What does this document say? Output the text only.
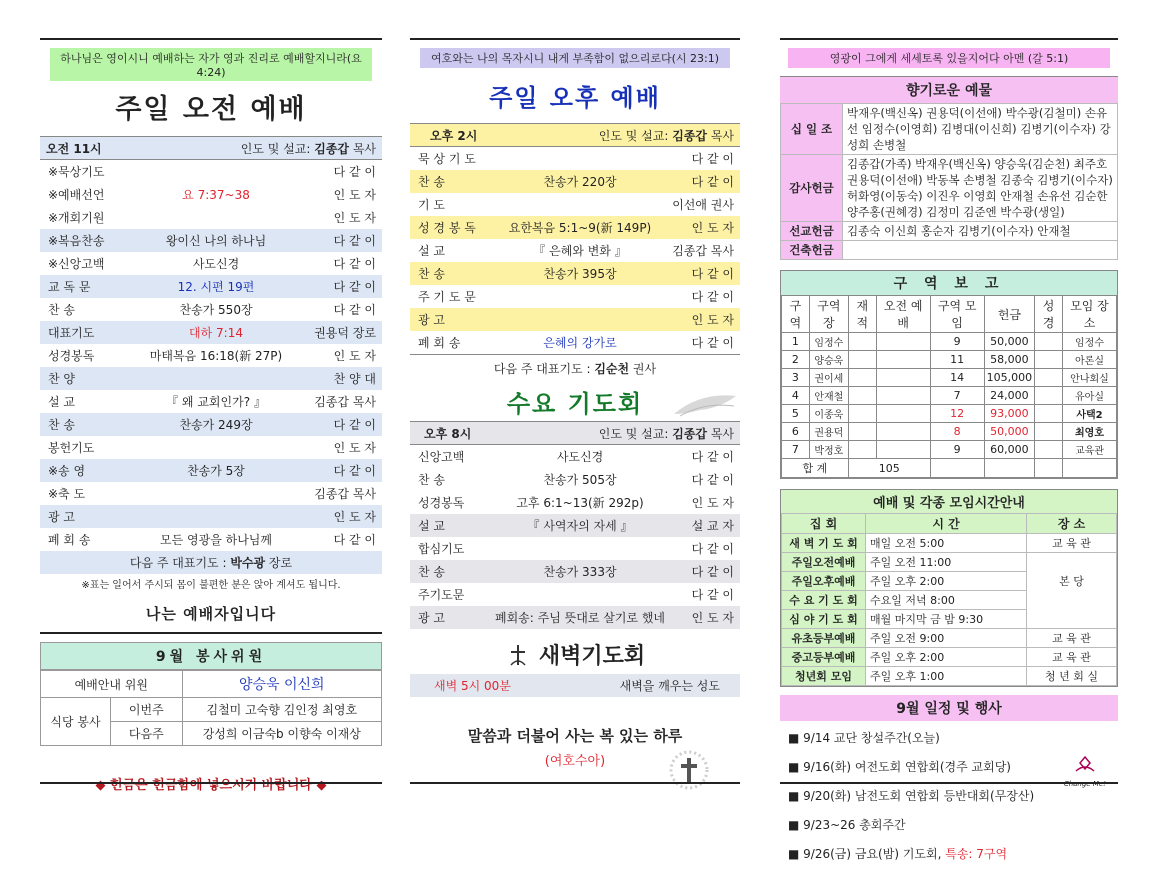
하나님은 영이시니 예배하는 자가 영과 진리로 예배할지니라(요4:24)
주일 오전 예배
오전 11시	인도 및 설교: 김종갑 목사
※묵상기도	다 같 이
※예배선언	요 7:37~38	인 도 자
※개회기원	인 도 자
※복음찬송	왕이신 나의 하나님	다 같 이
※신앙고백	사도신경	다 같 이
교 독 문	12. 시편 19편	다 같 이
찬 송	찬송가 550장	다 같 이
대표기도	대하 7:14	권용덕 장로
성경봉독	마태복음 16:18(新 27P)	인 도 자
찬 양	찬 양 대
설 교	『 왜 교회인가? 』	김종갑 목사
찬 송	찬송가 249장	다 같 이
봉헌기도	인 도 자
※송 영	찬송가 5장	다 같 이
※축 도	김종갑 목사
광 고	인 도 자
폐 회 송	모든 영광을 하나님께	다 같 이
다음 주 대표기도 : 박수광 장로
※표는 일어서 주시되 몸이 불편한 분은 앉아 계셔도 됩니다.
나는 예배자입니다
9월 봉사위원
예배안내 위원		양승욱 이신희
식당 봉사	이번주	김철미 고숙향 김인정 최영호
	다음주	강성희 이금숙b 이향숙 이재상
◆ 헌금은 헌금함에 넣으시기 바랍니다 ◆
여호와는 나의 목자시니 내게 부족함이 없으리로다(시 23:1)
주일 오후 예배
오후 2시	인도 및 설교: 김종갑 목사
묵 상 기 도	다 같 이
찬 송	찬송가 220장	다 같 이
기 도	이선애 권사
성 경 봉 독	요한복음 5:1~9(新 149P)	인 도 자
설 교	『 은혜와 변화 』	김종갑 목사
찬 송	찬송가 395장	다 같 이
주 기 도 문	다 같 이
광 고	인 도 자
폐 회 송	은혜의 강가로	다 같 이
다음 주 대표기도 : 김순천 권사
수요 기도회
오후 8시	인도 및 설교: 김종갑 목사
신앙고백	사도신경	다 같 이
찬 송	찬송가 505장	다 같 이
성경봉독	고후 6:1~13(新 292p)	인 도 자
설 교	『 사역자의 자세 』	설 교 자
합심기도	다 같 이
찬 송	찬송가 333장	다 같 이
주기도문	다 같 이
광 고	폐회송: 주님 뜻대로 살기로 했네	인 도 자
새벽기도회
새벽 5시 00분	새벽을 깨우는 성도
말씀과 더불어 사는 복 있는 하루
(여호수아)
영광이 그에게 세세토록 있을지어다 아멘 (갈 5:1)
향기로운 예물
십 일 조	박재우(백신옥) 권용덕(이선애) 박수광(김철미) 손유선 임정수(이영희) 김병대(이신희) 김병기(이수자) 강성희 손병철
감사헌금	김종갑(가족) 박재우(백신옥) 양승욱(김순천) 최주호 권용덕(이선애) 박동복 손병철 김종숙 김병기(이수자) 허화영(이동숙) 이진우 이영희 안재철 손유선 김순한 양주홍(권혜경) 김정미 김준엔 박수광(생일)
선교헌금	김종숙 이신희 홍순자 김병기(이수자) 안재철
건축헌금	
구 역 보 고
구역	구역장	재적	오전 예배	구역 모임	헌금	성경	모임 장소
1	임정수			9	50,000		임정수
2	양승욱			11	58,000		아론실
3	권이세			14	105,000		안나회실
4	안재철			7	24,000		유아실
5	이종욱			12	93,000		사택2
6	권용덕			8	50,000		최영호
7	박정호			9	60,000		교육관
합 계		105					
예배 및 각종 모임시간안내
집 회	시 간	장 소
새 벽 기 도 회	매일 오전 5:00	교 육 관
주일오전예배	주일 오전 11:00	
주일오후예배	주일 오후 2:00	본 당
수 요 기 도 회	수요일 저녁 8:00	
심 야 기 도 회	매월 마지막 금 밤 9:30	
유초등부예배	주일 오전 9:00	교 육 관
중고등부예배	주일 오후 2:00	교 육 관
청년회 모임	주일 오후 1:00	청 년 회 실
9월 일정 및 행사
■ 9/14 교단 창설주간(오늘)
■ 9/16(화) 여전도회 연합회(경주 교회당)
■ 9/20(화) 남전도회 연합회 등반대회(무장산)
■ 9/23~26 총회주간
■ 9/26(금) 금요(밤) 기도회, 특송: 7구역
Change Me!
